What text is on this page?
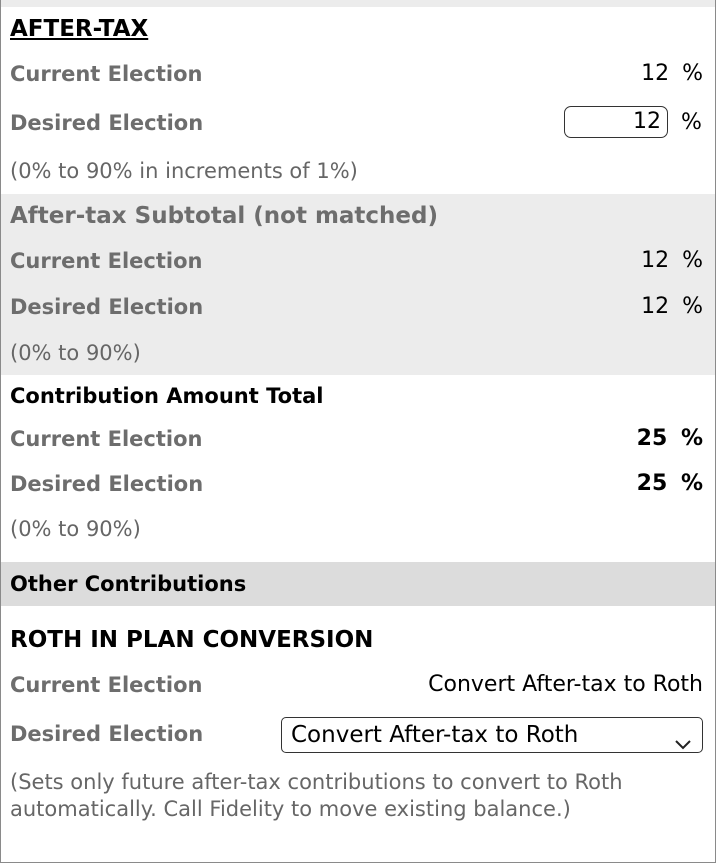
AFTER-TAX
Current Election	12 %
Desired Election	12 %
(0% to 90% in increments of 1%)
After-tax Subtotal (not matched)
Current Election	12 %
Desired Election	12 %
(0% to 90%)
Contribution Amount Total
Current Election	25 %
Desired Election	25 %
(0% to 90%)
Other Contributions
ROTH IN PLAN CONVERSION
Current Election	Convert After-tax to Roth
Desired Election	Convert After-tax to Roth
(Sets only future after-tax contributions to convert to Roth
automatically. Call Fidelity to move existing balance.)
